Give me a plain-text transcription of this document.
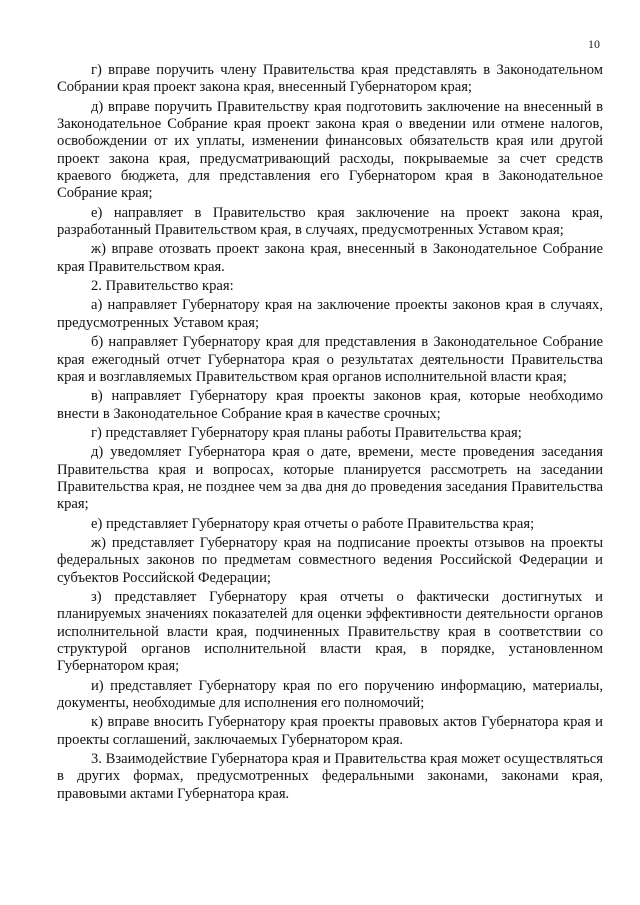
10

г) вправе поручить члену Правительства края представлять в Законодательном Собрании края проект закона края, внесенный Губернатором края;

д) вправе поручить Правительству края подготовить заключение на внесенный в Законодательное Собрание края проект закона края о введении или отмене налогов, освобождении от их уплаты, изменении финансовых обязательств края или другой проект закона края, предусматривающий расходы, покрываемые за счет средств краевого бюджета, для представления его Губернатором края в Законодательное Собрание края;

е) направляет в Правительство края заключение на проект закона края, разработанный Правительством края, в случаях, предусмотренных Уставом края;

ж) вправе отозвать проект закона края, внесенный в Законодательное Собрание края Правительством края.

2. Правительство края:

а) направляет Губернатору края на заключение проекты законов края в случаях, предусмотренных Уставом края;

б) направляет Губернатору края для представления в Законодательное Собрание края ежегодный отчет Губернатора края о результатах деятельности Правительства края и возглавляемых Правительством края органов исполнительной власти края;

в) направляет Губернатору края проекты законов края, которые необходимо внести в Законодательное Собрание края в качестве срочных;

г) представляет Губернатору края планы работы Правительства края;

д) уведомляет Губернатора края о дате, времени, месте проведения заседания Правительства края и вопросах, которые планируется рассмотреть на заседании Правительства края, не позднее чем за два дня до проведения заседания Правительства края;

е) представляет Губернатору края отчеты о работе Правительства края;

ж) представляет Губернатору края на подписание проекты отзывов на проекты федеральных законов по предметам совместного ведения Российской Федерации и субъектов Российской Федерации;

з) представляет Губернатору края отчеты о фактически достигнутых и планируемых значениях показателей для оценки эффективности деятельности органов исполнительной власти края, подчиненных Правительству края в соответствии со структурой органов исполнительной власти края, в порядке, установленном Губернатором края;

и) представляет Губернатору края по его поручению информацию, материалы, документы, необходимые для исполнения его полномочий;

к) вправе вносить Губернатору края проекты правовых актов Губернатора края и проекты соглашений, заключаемых Губернатором края.

3. Взаимодействие Губернатора края и Правительства края может осуществляться в других формах, предусмотренных федеральными законами, законами края, правовыми актами Губернатора края.
